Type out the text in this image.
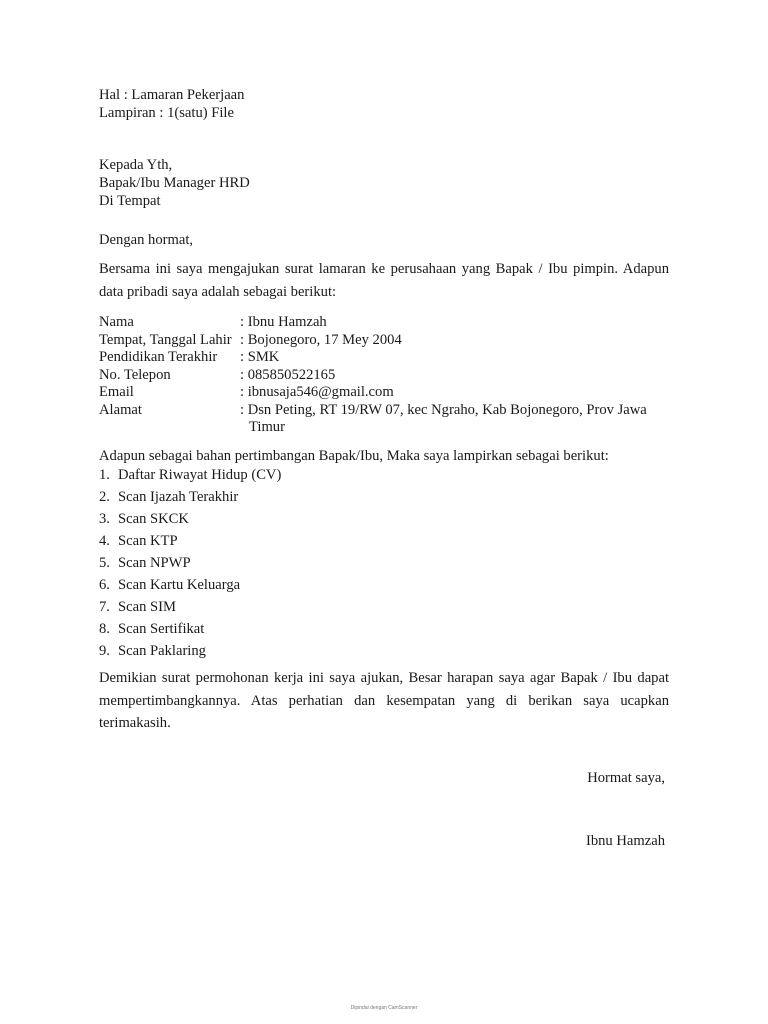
Hal : Lamaran Pekerjaan
Lampiran : 1(satu) File
Kepada Yth,
Bapak/Ibu Manager HRD
Di Tempat
Dengan hormat,

Bersama ini saya mengajukan surat lamaran ke perusahaan yang Bapak / Ibu pimpin. Adapun data pribadi saya adalah sebagai berikut:

Nama	: Ibnu Hamzah
Tempat, Tanggal Lahir : Bojonegoro, 17 Mey 2004
Pendidikan Terakhir	: SMK
No. Telepon	: 085850522165
Email	: ibnusaja546@gmail.com
Alamat	: Dsn Peting, RT 19/RW 07, kec Ngraho, Kab Bojonegoro, Prov Jawa
Timur
Adapun sebagai bahan pertimbangan Bapak/Ibu, Maka saya lampirkan sebagai berikut:
1. Daftar Riwayat Hidup (CV)
2. Scan Ijazah Terakhir
3. Scan SKCK
4. Scan KTP
5. Scan NPWP
6. Scan Kartu Keluarga
7. Scan SIM
8. Scan Sertifikat
9. Scan Paklaring

Demikian surat permohonan kerja ini saya ajukan, Besar harapan saya agar Bapak / Ibu dapat mempertimbangkannya. Atas perhatian dan kesempatan yang di berikan saya ucapkan terimakasih.

Hormat saya,
Ibnu Hamzah
Dipindai dengan CamScanner
